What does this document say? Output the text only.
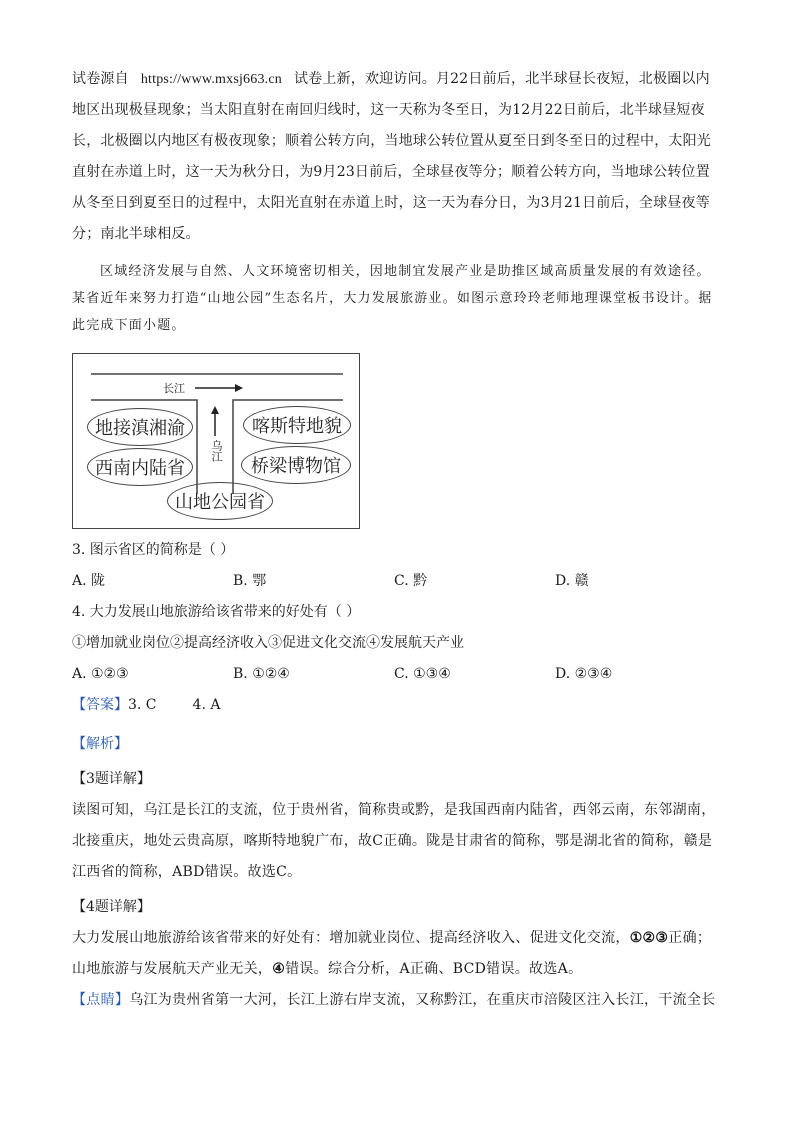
试卷源自 https://www.mxsj663.cn 试卷上新，欢迎访问。月22日前后，北半球昼长夜短，北极圈以内地区出现极昼现象；当太阳直射在南回归线时，这一天称为冬至日，为12月22日前后，北半球昼短夜长，北极圈以内地区有极夜现象；顺着公转方向，当地球公转位置从夏至日到冬至日的过程中，太阳光直射在赤道上时，这一天为秋分日，为9月23日前后，全球昼夜等分；顺着公转方向，当地球公转位置从冬至日到夏至日的过程中，太阳光直射在赤道上时，这一天为春分日，为3月21日前后，全球昼夜等分；南北半球相反。

区域经济发展与自然、人文环境密切相关，因地制宜发展产业是助推区域高质量发展的有效途径。某省近年来努力打造“山地公园”生态名片，大力发展旅游业。如图示意玲玲老师地理课堂板书设计。据此完成下面小题。

长江
乌江
地接滇湘渝
西南内陆省
喀斯特地貌
桥梁博物馆
山地公园省

3. 图示省区的简称是（ ）

A. 陇	B. 鄂	C. 黔	D. 赣

4. 大力发展山地旅游给该省带来的好处有（ ）

①增加就业岗位②提高经济收入③促进文化交流④发展航天产业

A. ①②③	B. ①②④	C. ①③④	D. ②③④

【答案】3. C	4. A

【解析】

【3题详解】

读图可知，乌江是长江的支流，位于贵州省，简称贵或黔，是我国西南内陆省，西邻云南，东邻湖南，北接重庆，地处云贵高原，喀斯特地貌广布，故C正确。陇是甘肃省的简称，鄂是湖北省的简称，赣是江西省的简称，ABD错误。故选C。

【4题详解】

大力发展山地旅游给该省带来的好处有：增加就业岗位、提高经济收入、促进文化交流，①②③正确；山地旅游与发展航天产业无关，④错误。综合分析，A正确、BCD错误。故选A。

【点睛】乌江为贵州省第一大河，长江上游右岸支流，又称黔江，在重庆市涪陵区注入长江，干流全长
